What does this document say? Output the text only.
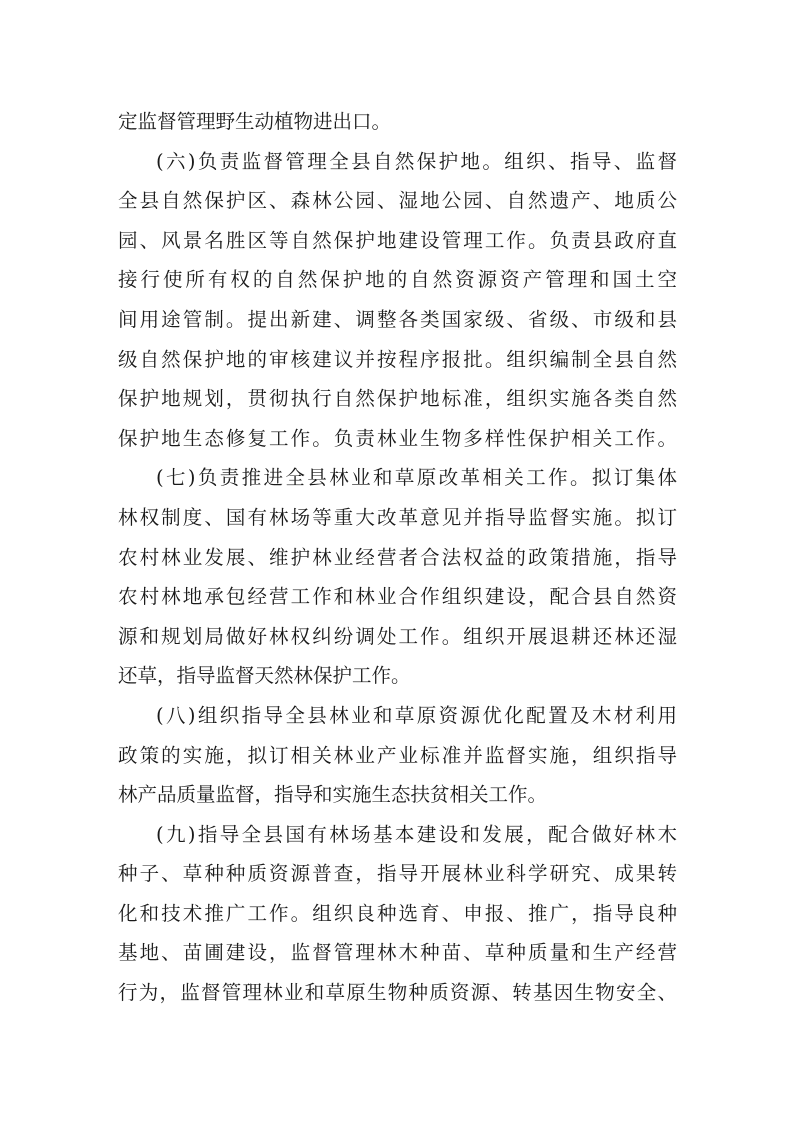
定监督管理野生动植物进出口。
(六)负责监督管理全县自然保护地。组织、指导、监督
全县自然保护区、森林公园、湿地公园、自然遗产、地质公
园、风景名胜区等自然保护地建设管理工作。负责县政府直
接行使所有权的自然保护地的自然资源资产管理和国土空
间用途管制。提出新建、调整各类国家级、省级、市级和县
级自然保护地的审核建议并按程序报批。组织编制全县自然
保护地规划，贯彻执行自然保护地标准，组织实施各类自然
保护地生态修复工作。负责林业生物多样性保护相关工作。
(七)负责推进全县林业和草原改革相关工作。拟订集体
林权制度、国有林场等重大改革意见并指导监督实施。拟订
农村林业发展、维护林业经营者合法权益的政策措施，指导
农村林地承包经营工作和林业合作组织建设，配合县自然资
源和规划局做好林权纠纷调处工作。组织开展退耕还林还湿
还草，指导监督天然林保护工作。
(八)组织指导全县林业和草原资源优化配置及木材利用
政策的实施，拟订相关林业产业标准并监督实施，组织指导
林产品质量监督，指导和实施生态扶贫相关工作。
(九)指导全县国有林场基本建设和发展，配合做好林木
种子、草种种质资源普查，指导开展林业科学研究、成果转
化和技术推广工作。组织良种选育、申报、推广，指导良种
基地、苗圃建设，监督管理林木种苗、草种质量和生产经营
行为，监督管理林业和草原生物种质资源、转基因生物安全、
